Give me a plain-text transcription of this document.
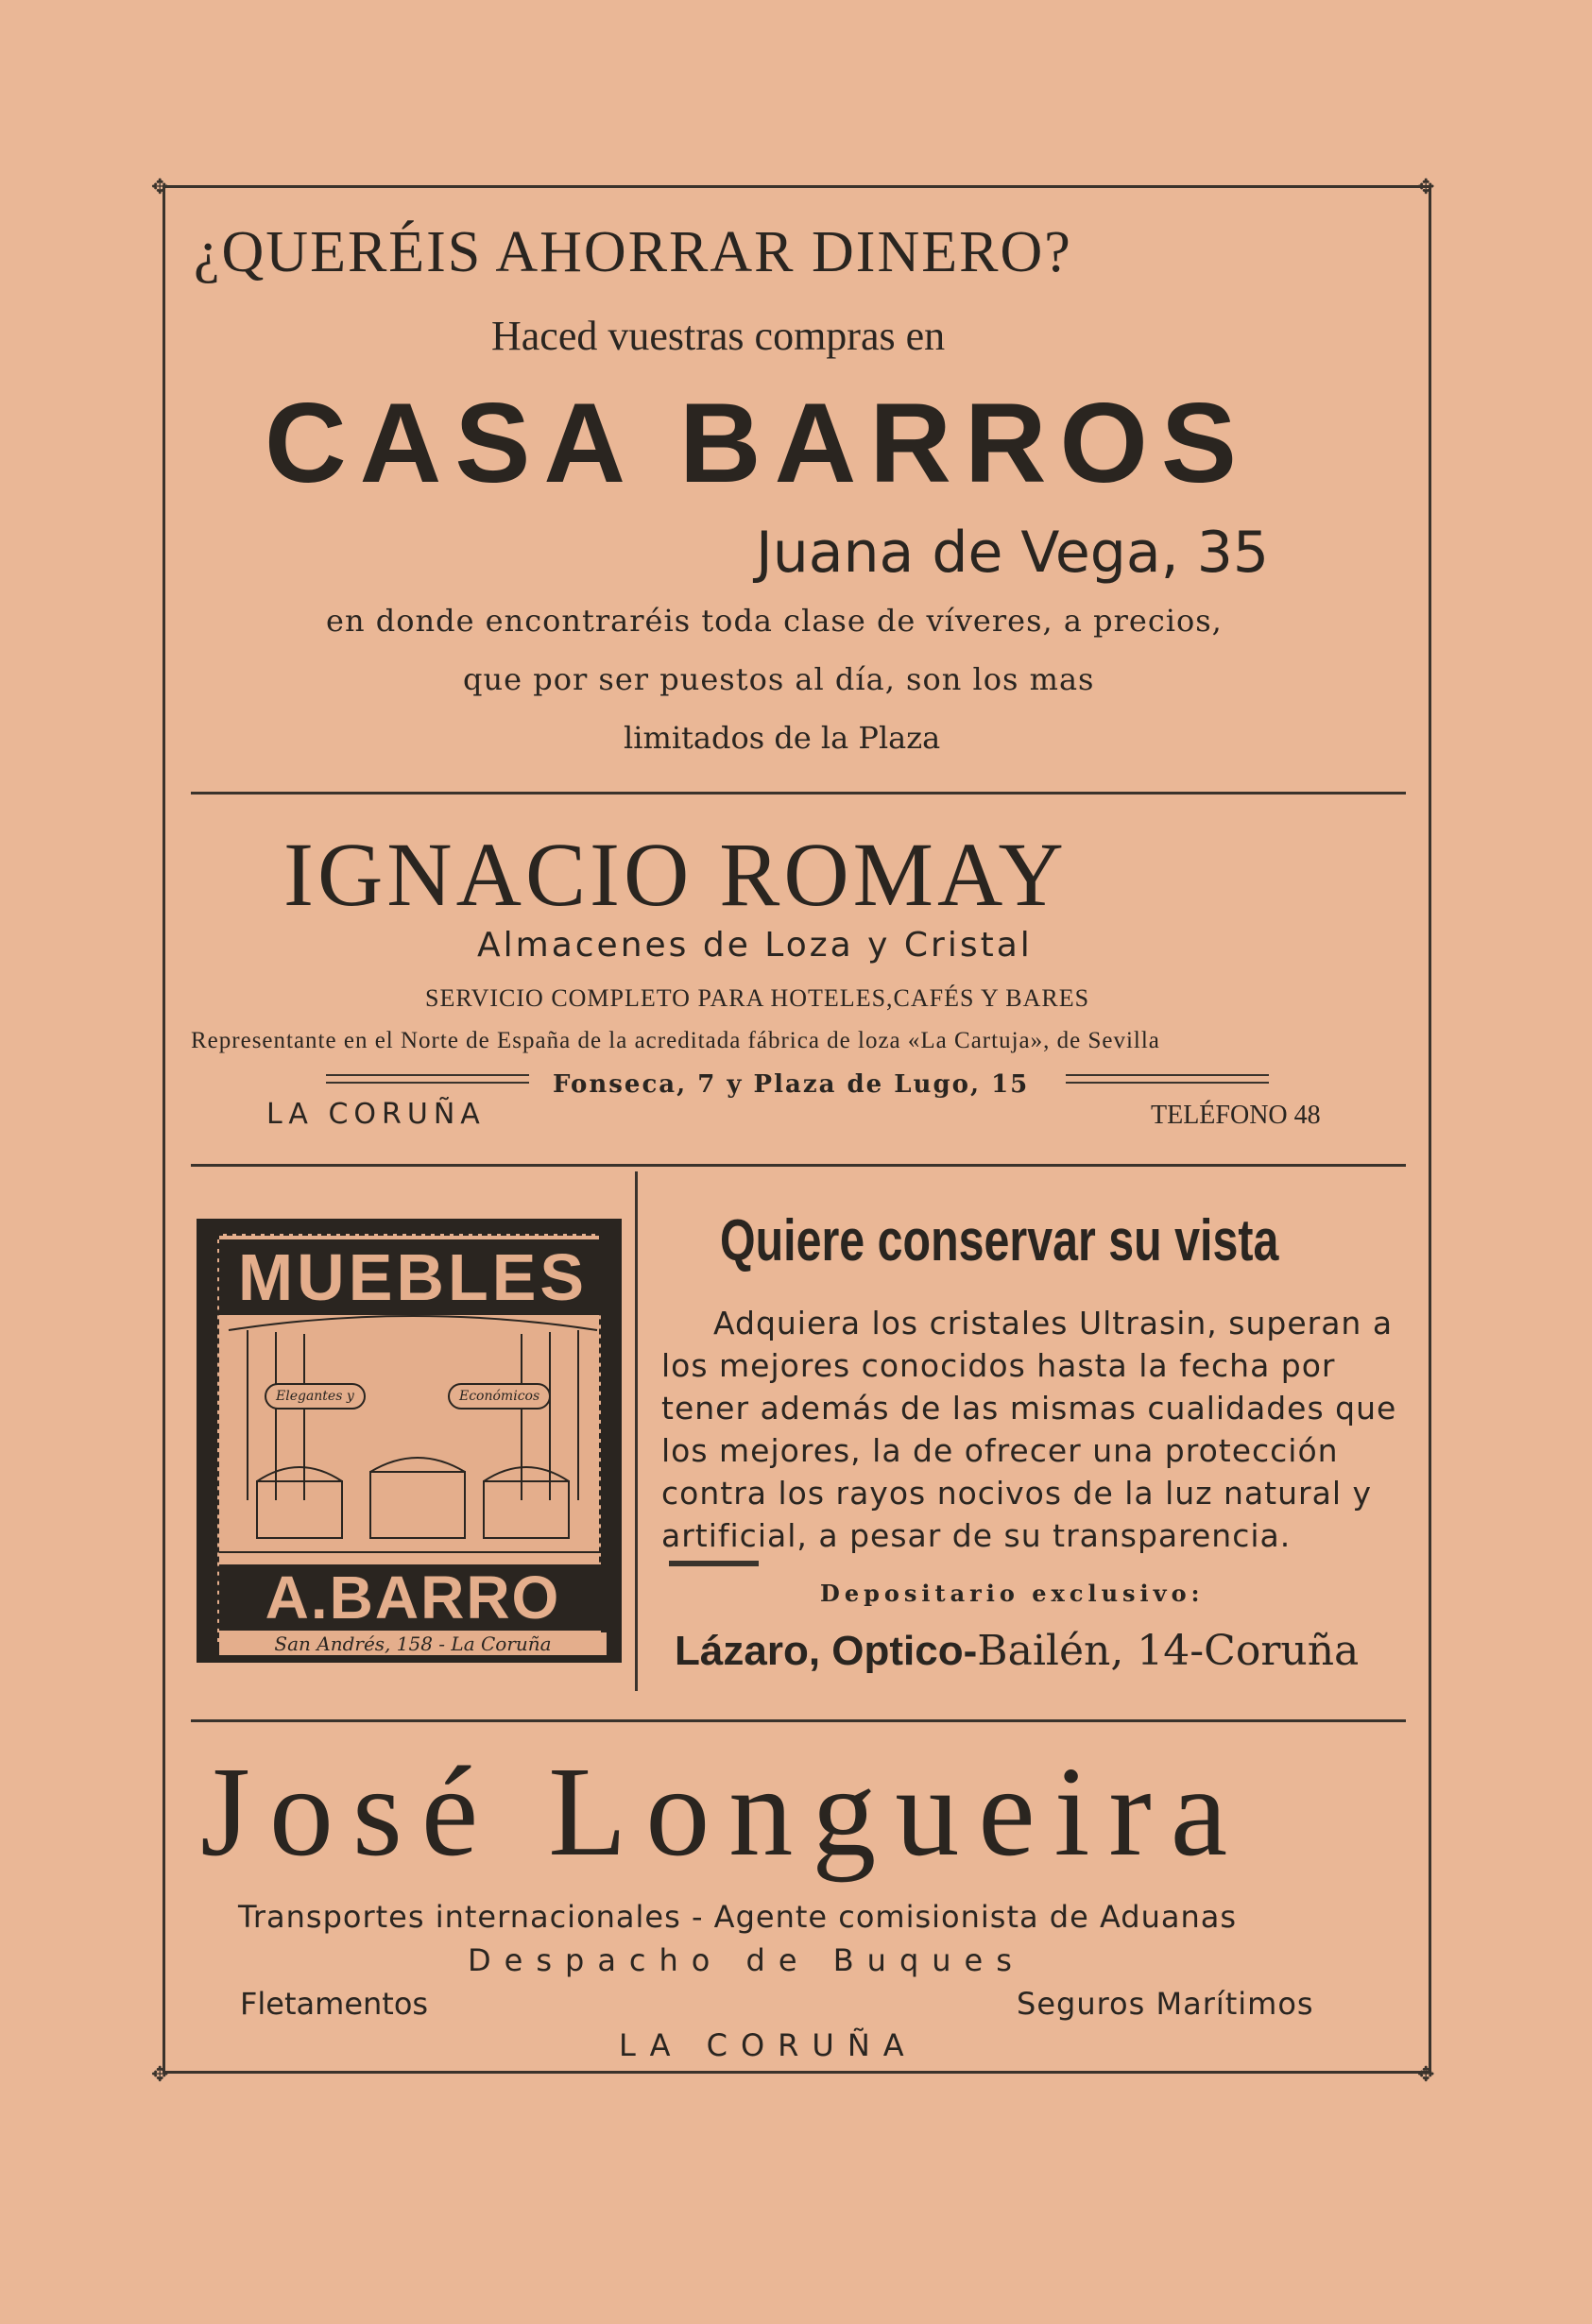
✥	✥
✥	✥
¿QUERÉIS AHORRAR DINERO?
Haced vuestras compras en
CASA BARROS
Juana de Vega, 35
en donde encontraréis toda clase de víveres, a precios,
que por ser puestos al día, son los mas
limitados de la Plaza
IGNACIO ROMAY
Almacenes de Loza y Cristal
SERVICIO COMPLETO PARA HOTELES,CAFÉS Y BARES
Representante en el Norte de España de la acreditada fábrica de loza «La Cartuja», de Sevilla
Fonseca, 7 y Plaza de Lugo, 15
LA CORUÑA	TELÉFONO 48
MUEBLES
Elegantes y	Económicos
A.BARRO
San Andrés, 158 - La Coruña
Quiere conservar su vista
Adquiera los cristales Ultrasin, superan a
los mejores conocidos hasta la fecha por
tener además de las mismas cualidades que
los mejores, la de ofrecer una protección
contra los rayos nocivos de la luz natural y
artificial, a pesar de su transparencia.
Depositario exclusivo:
Lázaro, Optico-Bailén, 14-Coruña
José Longueira
Transportes internacionales - Agente comisionista de Aduanas
Despacho de Buques
Fletamentos	Seguros Marítimos
LA CORUÑA
